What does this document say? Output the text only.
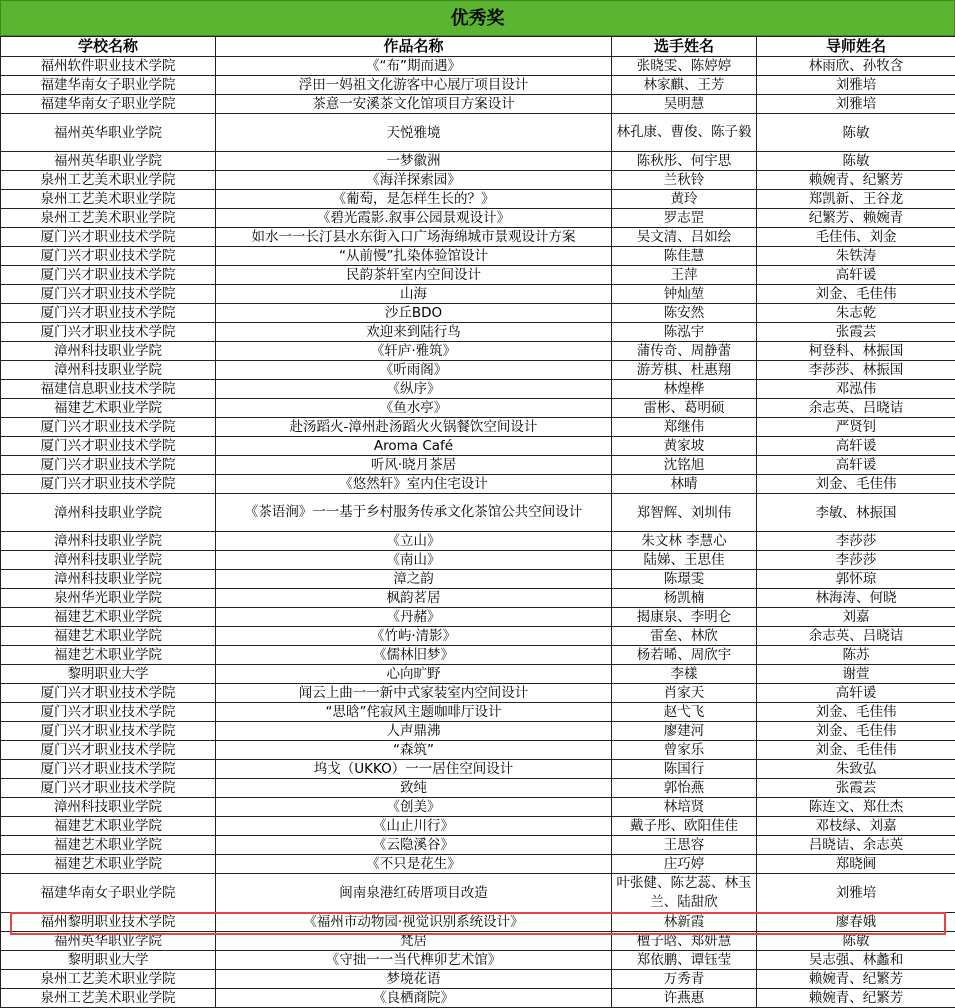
优秀奖
学校名称	作品名称	选手姓名	导师姓名
福州软件职业技术学院	《“布”期而遇》	张晓雯、陈婷婷	林雨欣、孙牧含
福建华南女子职业学院	浮田一妈祖文化游客中心展厅项目设计	林家麒、王芳	刘雅培
福建华南女子职业学院	茶意一安溪茶文化馆项目方案设计	吴明慧	刘雅培
福州英华职业学院	天悦雅境	林孔康、曹俊、陈子毅	陈敏
福州英华职业学院	一梦徽洲	陈秋彤、何宇思	陈敏
泉州工艺美术职业学院	《海洋探索园》	兰秋铃	赖婉青、纪繁芳
泉州工艺美术职业学院	《葡萄，是怎样生长的？》	黄玲	郑凯新、王谷龙
泉州工艺美术职业学院	《碧光霞影.叙事公园景观设计》	罗志罡	纪繁芳、赖婉青
厦门兴才职业技术学院	如水一一长汀县水东街入口广场海绵城市景观设计方案	吴文清、吕如绘	毛佳伟、刘金
厦门兴才职业技术学院	“从前慢”扎染体验馆设计	陈佳慧	朱铁涛
厦门兴才职业技术学院	民韵茶轩室内空间设计	王萍	高轩谖
厦门兴才职业技术学院	山海	钟灿堃	刘金、毛佳伟
厦门兴才职业技术学院	沙丘BDO	陈安然	朱志乾
厦门兴才职业技术学院	欢迎来到陆行鸟	陈泓宇	张霞芸
漳州科技职业学院	《轩庐·雅筑》	蒲传奇、周静蕾	柯登科、林振国
漳州科技职业学院	《听雨阁》	游芳棋、杜惠翔	李莎莎、林振国
福建信息职业技术学院	《纵序》	林煌桦	邓泓伟
福建艺术职业学院	《鱼水亭》	雷彬、葛明硕	余志英、吕晓诘
厦门兴才职业技术学院	赴汤蹈火-漳州赴汤蹈火火锅餐饮空间设计	郑继伟	严贤钊
厦门兴才职业技术学院	Aroma Café	黄家坡	高轩谖
厦门兴才职业技术学院	听风·晓月茶居	沈铭旭	高轩谖
厦门兴才职业技术学院	《悠然轩》室内住宅设计	林晴	刘金、毛佳伟
漳州科技职业学院	《茶语涧》一一基于乡村服务传承文化茶馆公共空间设计	郑智辉、刘圳伟	李敏、林振国
漳州科技职业学院	《立山》	朱文林 李慧心	李莎莎
漳州科技职业学院	《南山》	陆娣、王思佳	李莎莎
漳州科技职业学院	漳之韵	陈璟雯	郭怀琼
泉州华光职业学院	枫韵茗居	杨凯楠	林海涛、何晓
福建艺术职业学院	《丹赭》	揭康泉、李明仑	刘嘉
福建艺术职业学院	《竹屿·清影》	雷垒、林欣	余志英、吕晓诘
福建艺术职业学院	《儒林旧梦》	杨若晞、周欣宇	陈苏
黎明职业大学	心向旷野	李樣	谢萱
厦门兴才职业技术学院	闻云上曲一一新中式家装室内空间设计	肖家天	高轩谖
厦门兴才职业技术学院	“思晗”侘寂风主题咖啡厅设计	赵弋飞	刘金、毛佳伟
厦门兴才职业技术学院	人声鼎沸	廖建河	刘金、毛佳伟
厦门兴才职业技术学院	“森筑”	曾家乐	刘金、毛佳伟
厦门兴才职业技术学院	坞戈（UKKO）一一居住空间设计	陈国行	朱致弘
厦门兴才职业技术学院	致纯	郭怡燕	张霞芸
漳州科技职业学院	《创美》	林培贤	陈连文、郑仕杰
福建艺术职业学院	《山止川行》	戴子彤、欧阳佳佳	邓枝绿、刘嘉
福建艺术职业学院	《云隐溪谷》	王思容	吕晓诘、余志英
福建艺术职业学院	《不只是花生》	庄巧婷	郑晓阃
福建华南女子职业学院	闽南泉港红砖厝项目改造	叶张健、陈艺蕊、林玉兰、陆甜欣	刘雅培
福州黎明职业技术学院	《福州市动物园·视觉识别系统设计》	林新霞	廖春娥
福州英华职业学院	梵居	檀子晗、郑妍慧	陈敏
黎明职业大学	《守拙一一当代榫卯艺术馆》	郑依鹏、谭钰莹	吴志强、林蠡和
泉州工艺美术职业学院	梦境花语	万秀青	赖婉青、纪繁芳
泉州工艺美术职业学院	《良栖商院》	许燕惠	赖婉青、纪繁芳
